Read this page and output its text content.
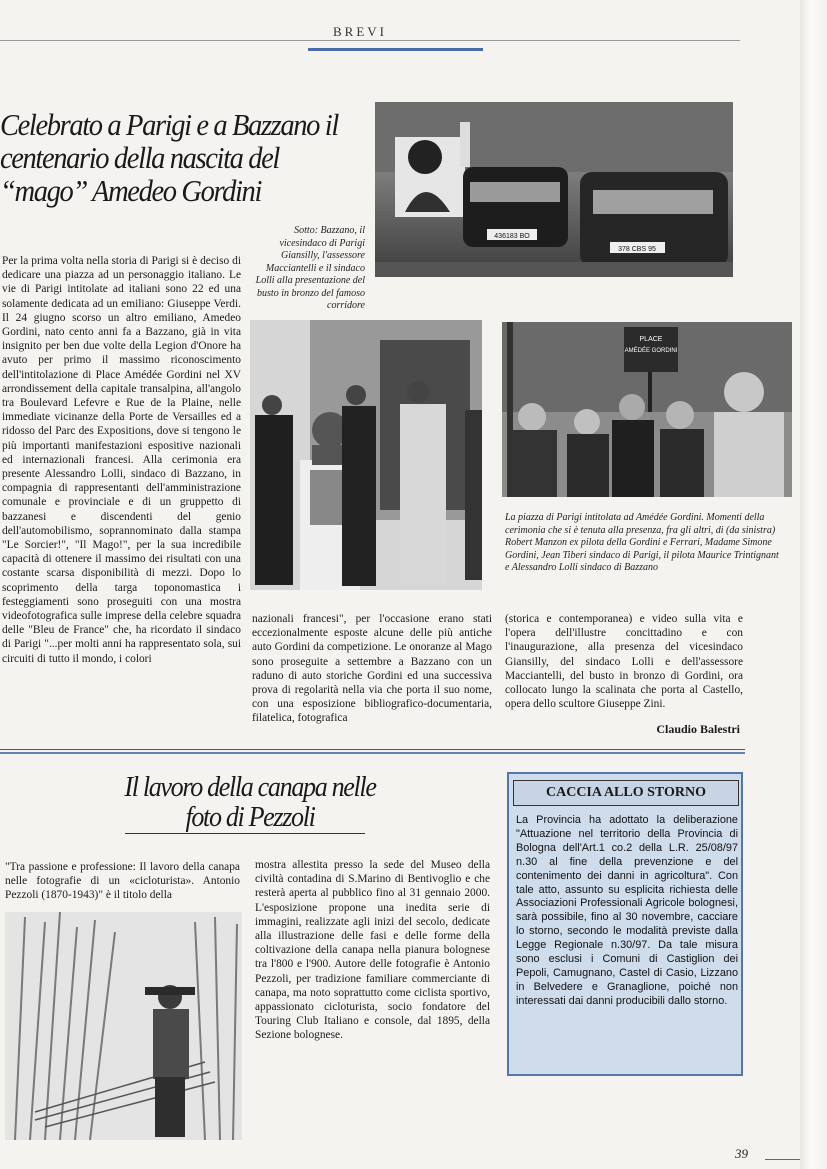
BREVI
Celebrato a Parigi e a Bazzano il centenario della nascita del “mago” Amedeo Gordini
436183 BO
378 CBS 95
Sotto: Bazzano, il vicesindaco di Parigi Giansilly, l'assessore Macciantelli e il sindaco Lolli alla presentazione del busto in bronzo del famoso corridore
PLACE
AMÉDÉE GORDINI
La piazza di Parigi intitolata ad Amédée Gordini. Momenti della cerimonia che si è tenuta alla presenza, fra gli altri, di (da sinistra) Robert Manzon ex pilota della Gordini e Ferrari, Madame Simone Gordini, Jean Tiberi sindaco di Parigi, il pilota Maurice Trintignant e Alessandro Lolli sindaco di Bazzano
Per la prima volta nella storia di Parigi si è deciso di dedicare una piazza ad un personaggio italiano. Le vie di Parigi intitolate ad italiani sono 22 ed una solamente dedicata ad un emiliano: Giuseppe Verdi. Il 24 giugno scorso un altro emiliano, Amedeo Gordini, nato cento anni fa a Bazzano, già in vita insignito per ben due volte della Legion d'Onore ha avuto per primo il massimo riconoscimento dell'intitolazione di Place Amédée Gordini nel XV arrondissement della capitale transalpina, all'angolo tra Boulevard Lefevre e Rue de la Plaine, nelle immediate vicinanze della Porte de Versailles ed a ridosso del Parc des Expositions, dove si tengono le più importanti manifestazioni espositive nazionali ed internazionali francesi. Alla cerimonia era presente Alessandro Lolli, sindaco di Bazzano, in compagnia di rappresentanti dell'amministrazione comunale e provinciale e di un gruppetto di bazzanesi e discendenti del genio dell'automobilismo, soprannominato dalla stampa "Le Sorcier!", "Il Mago!", per la sua incredibile capacità di ottenere il massimo dei risultati con una costante scarsa disponibilità di mezzi. Dopo lo scoprimento della targa toponomastica i festeggiamenti sono proseguiti con una mostra videofotografica sulle imprese della celebre squadra delle "Bleu de France" che, ha ricordato il sindaco di Parigi "...per molti anni ha rappresentato sola, sui circuiti di tutto il mondo, i colori
nazionali francesi", per l'occasione erano stati eccezionalmente esposte alcune delle più antiche auto Gordini da competizione. Le onoranze al Mago sono proseguite a settembre a Bazzano con un raduno di auto storiche Gordini ed una successiva prova di regolarità nella via che porta il suo nome, con una esposizione bibliografico-documentaria, filatelica, fotografica
(storica e contemporanea) e video sulla vita e l'opera dell'illustre concittadino e con l'inaugurazione, alla presenza del vicesindaco Giansilly, del sindaco Lolli e dell'assessore Macciantelli, del busto in bronzo di Gordini, ora collocato lungo la scalinata che porta al Castello, opera dello scultore Giuseppe Zini.
Claudio Balestri
Il lavoro della canapa nelle foto di Pezzoli
"Tra passione e professione: Il lavoro della canapa nelle fotografie di un «cicloturista». Antonio Pezzoli (1870-1943)" è il titolo della
mostra allestita presso la sede del Museo della civiltà contadina di S.Marino di Bentivoglio e che resterà aperta al pubblico fino al 31 gennaio 2000. L'esposizione propone una inedita serie di immagini, realizzate agli inizi del secolo, dedicate alla illustrazione delle fasi e delle forme della coltivazione della canapa nella pianura bolognese tra l'800 e l'900. Autore delle fotografie è Antonio Pezzoli, per tradizione familiare commerciante di canapa, ma noto soprattutto come ciclista sportivo, appassionato cicloturista, socio fondatore del Touring Club Italiano e console, dal 1895, della Sezione bolognese.
CACCIA ALLO STORNO
La Provincia ha adottato la deliberazione "Attuazione nel territorio della Provincia di Bologna dell'Art.1 co.2 della L.R. 25/08/97 n.30 al fine della prevenzione e del contenimento dei danni in agricoltura". Con tale atto, assunto su esplicita richiesta delle Associazioni Professionali Agricole bolognesi, sarà possibile, fino al 30 novembre, cacciare lo storno, secondo le modalità previste dalla Legge Regionale n.30/97. Da tale misura sono esclusi i Comuni di Castiglion dei Pepoli, Camugnano, Castel di Casio, Lizzano in Belvedere e Granaglione, poiché non interessati dai danni producibili dallo storno.
39
